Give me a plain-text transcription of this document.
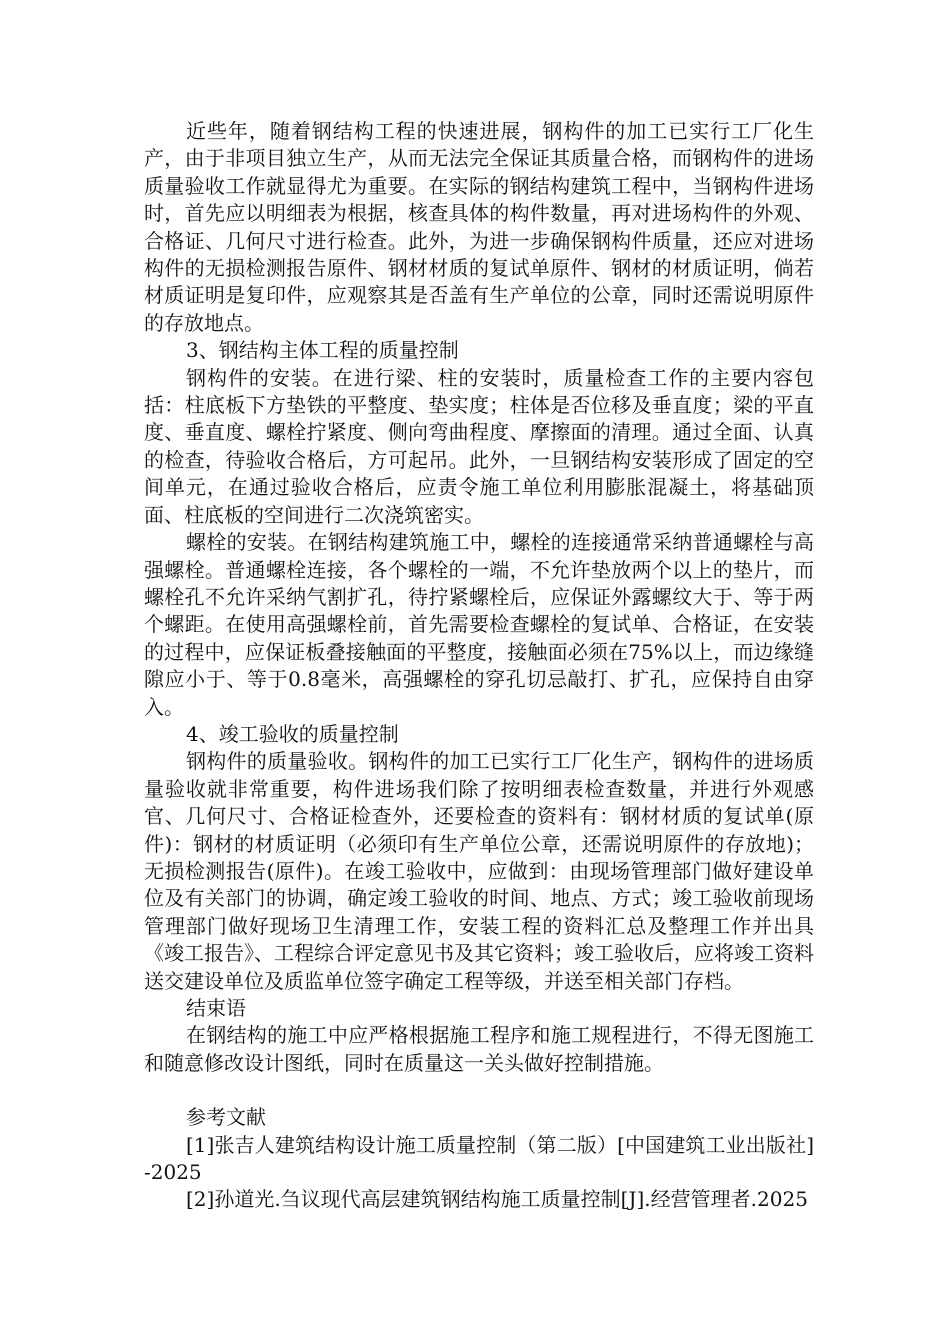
近些年，随着钢结构工程的快速进展，钢构件的加工已实行工厂化生产，由于非项目独立生产，从而无法完全保证其质量合格，而钢构件的进场质量验收工作就显得尤为重要。在实际的钢结构建筑工程中，当钢构件进场时，首先应以明细表为根据，核查具体的构件数量，再对进场构件的外观、合格证、几何尺寸进行检查。此外，为进一步确保钢构件质量，还应对进场构件的无损检测报告原件、钢材材质的复试单原件、钢材的材质证明，倘若材质证明是复印件，应观察其是否盖有生产单位的公章，同时还需说明原件的存放地点。

3、钢结构主体工程的质量控制

钢构件的安装。在进行梁、柱的安装时，质量检查工作的主要内容包括：柱底板下方垫铁的平整度、垫实度；柱体是否位移及垂直度；梁的平直度、垂直度、螺栓拧紧度、侧向弯曲程度、摩擦面的清理。通过全面、认真的检查，待验收合格后，方可起吊。此外，一旦钢结构安装形成了固定的空间单元，在通过验收合格后，应责令施工单位利用膨胀混凝土，将基础顶面、柱底板的空间进行二次浇筑密实。

螺栓的安装。在钢结构建筑施工中，螺栓的连接通常采纳普通螺栓与高强螺栓。普通螺栓连接，各个螺栓的一端，不允许垫放两个以上的垫片，而螺栓孔不允许采纳气割扩孔，待拧紧螺栓后，应保证外露螺纹大于、等于两个螺距。在使用高强螺栓前，首先需要检查螺栓的复试单、合格证，在安装的过程中，应保证板叠接触面的平整度，接触面必须在75%以上，而边缘缝隙应小于、等于0.8毫米，高强螺栓的穿孔切忌敲打、扩孔，应保持自由穿入。

4、竣工验收的质量控制

钢构件的质量验收。钢构件的加工已实行工厂化生产，钢构件的进场质量验收就非常重要，构件进场我们除了按明细表检查数量，并进行外观感官、几何尺寸、合格证检查外，还要检查的资料有：钢材材质的复试单(原件)：钢材的材质证明（必须印有生产单位公章，还需说明原件的存放地)；无损检测报告(原件)。在竣工验收中，应做到：由现场管理部门做好建设单位及有关部门的协调，确定竣工验收的时间、地点、方式；竣工验收前现场管理部门做好现场卫生清理工作，安装工程的资料汇总及整理工作并出具《竣工报告》、工程综合评定意见书及其它资料；竣工验收后，应将竣工资料送交建设单位及质监单位签字确定工程等级，并送至相关部门存档。

结束语

在钢结构的施工中应严格根据施工程序和施工规程进行，不得无图施工和随意修改设计图纸，同时在质量这一关头做好控制措施。

参考文献

[1]张吉人建筑结构设计施工质量控制（第二版）[中国建筑工业出版社]-2025

[2]孙道光.刍议现代高层建筑钢结构施工质量控制[J].经营管理者.2025
